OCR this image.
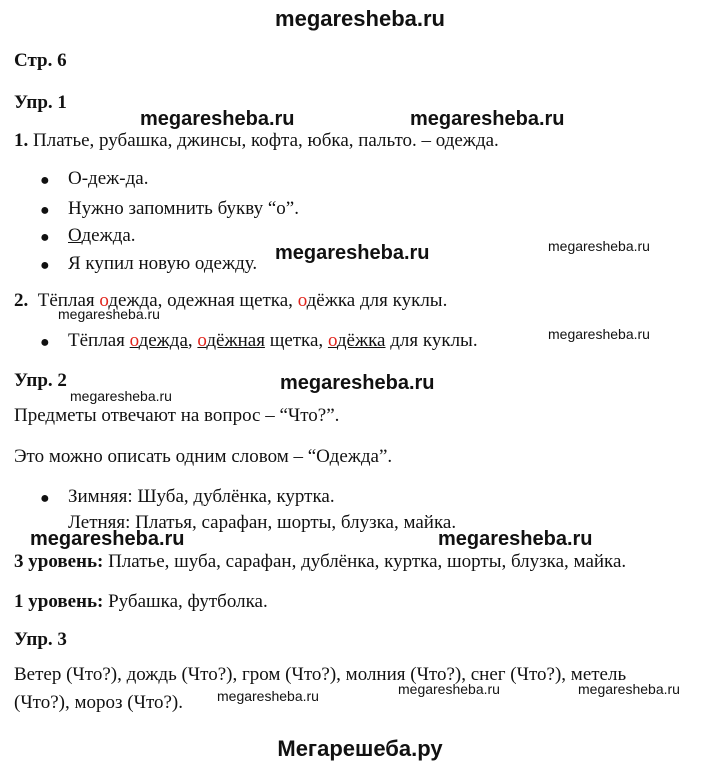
megaresheba.ru
Стр. 6
Упр. 1
1. Платье, рубашка, джинсы, кофта, юбка, пальто. – одежда.
● О-деж-да.
● Нужно запомнить букву “о”.
● Одежда.
● Я купил новую одежду.
2. Тёплая одежда, одежная щетка, одёжка для куклы.
● Тёплая одежда, одёжная щетка, одёжка для куклы.
Упр. 2
Предметы отвечают на вопрос – “Что?”.
Это можно описать одним словом – “Одежда”.
● Зимняя: Шуба, дублёнка, куртка.
Летняя: Платья, сарафан, шорты, блузка, майка.
3 уровень: Платье, шуба, сарафан, дублёнка, куртка, шорты, блузка, майка.
1 уровень: Рубашка, футболка.
Упр. 3
Ветер (Что?), дождь (Что?), гром (Что?), молния (Что?), снег (Что?), метель
(Что?), мороз (Что?).
megaresheba.ru	megaresheba.ru
megaresheba.ru	megaresheba.ru
megaresheba.ru
megaresheba.ru
megaresheba.ru
megaresheba.ru
megaresheba.ru	megaresheba.ru
megaresheba.ru	megaresheba.ru	megaresheba.ru
Мегарешеба.ру
